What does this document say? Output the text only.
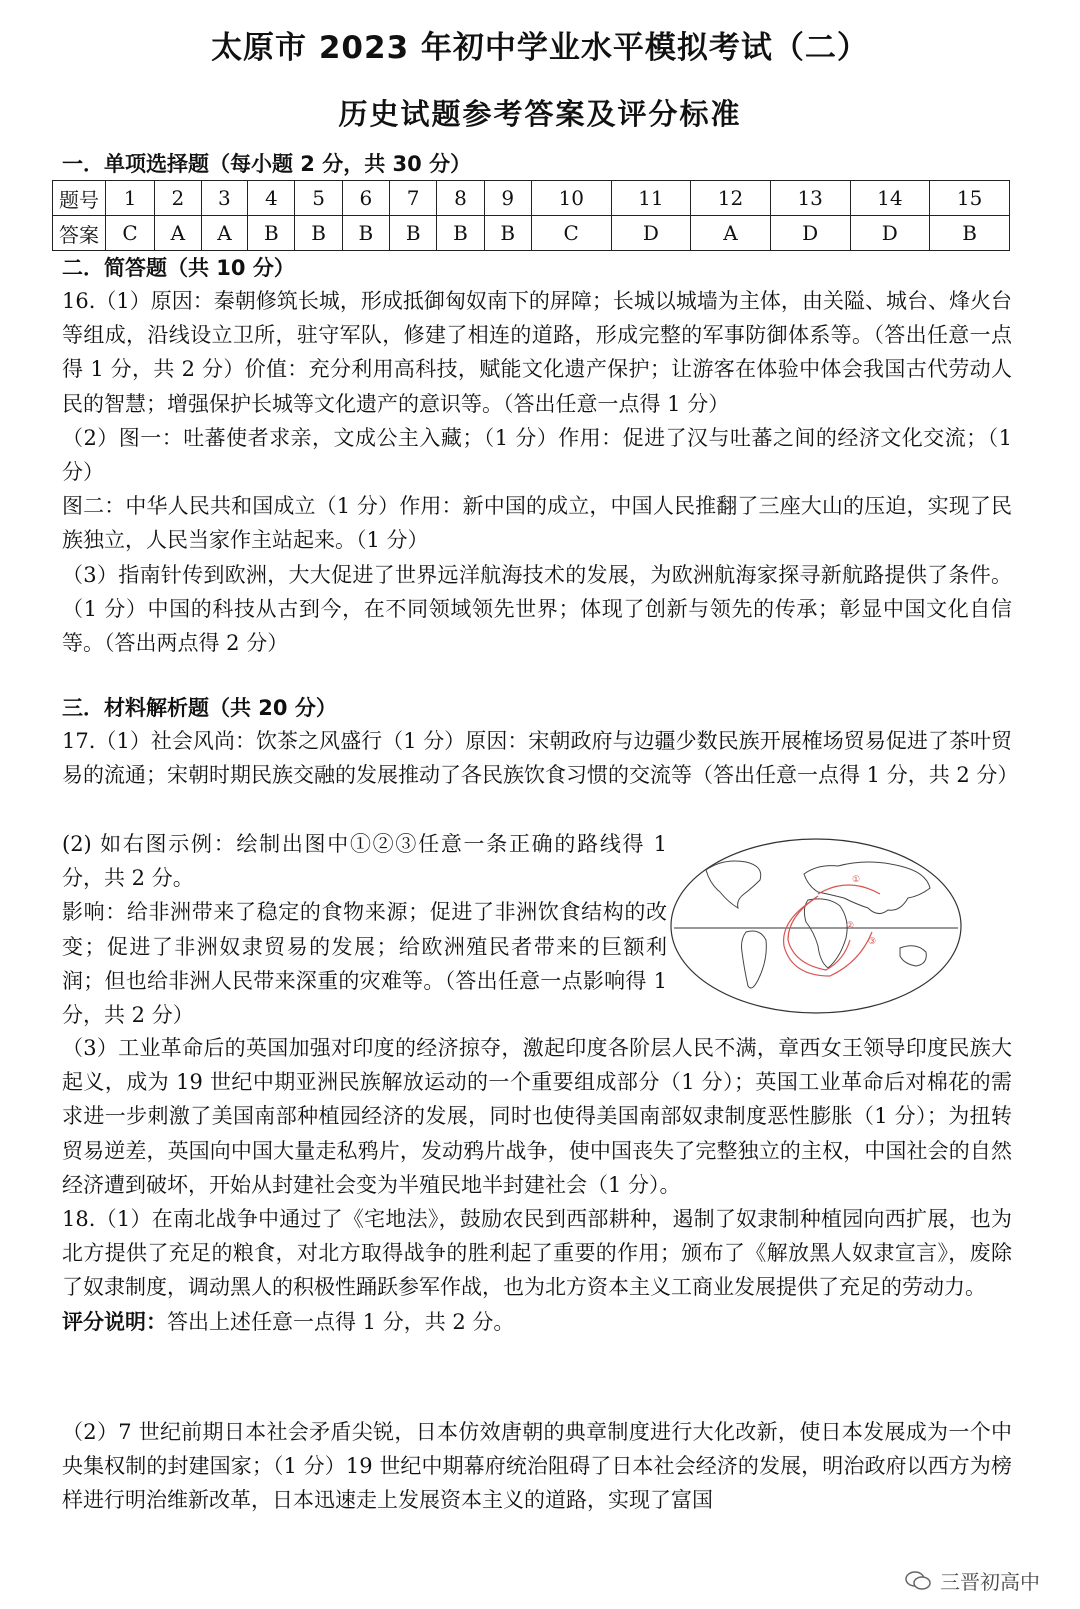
太原市 2023 年初中学业水平模拟考试（二）
历史试题参考答案及评分标准
一．单项选择题（每小题 2 分，共 30 分）
题号	1	2	3	4	5	6	7	8	9	10	11	12	13	14	15
答案	C	A	A	B	B	B	B	B	B	C	D	A	D	D	B
二．简答题（共 10 分）

16.（1）原因：秦朝修筑长城，形成抵御匈奴南下的屏障；长城以城墙为主体，由关隘、城台、烽火台等组成，沿线设立卫所，驻守军队，修建了相连的道路，形成完整的军事防御体系等。（答出任意一点得 1 分，共 2 分）价值：充分利用高科技，赋能文化遗产保护；让游客在体验中体会我国古代劳动人民的智慧；增强保护长城等文化遗产的意识等。（答出任意一点得 1 分）

（2）图一：吐蕃使者求亲，文成公主入藏；（1 分）作用：促进了汉与吐蕃之间的经济文化交流；（1 分）

图二：中华人民共和国成立（1 分）作用：新中国的成立，中国人民推翻了三座大山的压迫，实现了民族独立，人民当家作主站起来。（1 分）

（3）指南针传到欧洲，大大促进了世界远洋航海技术的发展，为欧洲航海家探寻新航路提供了条件。（1 分）中国的科技从古到今，在不同领域领先世界；体现了创新与领先的传承；彰显中国文化自信等。（答出两点得 2 分）

三．材料解析题（共 20 分）

17.（1）社会风尚：饮茶之风盛行（1 分）原因：宋朝政府与边疆少数民族开展榷场贸易促进了茶叶贸易的流通；宋朝时期民族交融的发展推动了各民族饮食习惯的交流等（答出任意一点得 1 分，共 2 分）

(2) 如右图示例：绘制出图中①②③任意一条正确的路线得 1 分，共 2 分。

影响：给非洲带来了稳定的食物来源；促进了非洲饮食结构的改变；促进了非洲奴隶贸易的发展；给欧洲殖民者带来的巨额利润；但也给非洲人民带来深重的灾难等。（答出任意一点影响得 1 分，共 2 分）

①
②
③

（3）工业革命后的英国加强对印度的经济掠夺，激起印度各阶层人民不满，章西女王领导印度民族大起义，成为 19 世纪中期亚洲民族解放运动的一个重要组成部分（1 分）；英国工业革命后对棉花的需求进一步刺激了美国南部种植园经济的发展，同时也使得美国南部奴隶制度恶性膨胀（1 分）；为扭转贸易逆差，英国向中国大量走私鸦片，发动鸦片战争，使中国丧失了完整独立的主权，中国社会的自然经济遭到破坏，开始从封建社会变为半殖民地半封建社会（1 分）。

18.（1）在南北战争中通过了《宅地法》，鼓励农民到西部耕种，遏制了奴隶制种植园向西扩展，也为北方提供了充足的粮食，对北方取得战争的胜利起了重要的作用；颁布了《解放黑人奴隶宣言》，废除了奴隶制度，调动黑人的积极性踊跃参军作战，也为北方资本主义工商业发展提供了充足的劳动力。

评分说明：答出上述任意一点得 1 分，共 2 分。

（2）7 世纪前期日本社会矛盾尖锐，日本仿效唐朝的典章制度进行大化改新，使日本发展成为一个中央集权制的封建国家；（1 分）19 世纪中期幕府统治阻碍了日本社会经济的发展，明治政府以西方为榜样进行明治维新改革，日本迅速走上发展资本主义的道路，实现了富国

三晋初高中
